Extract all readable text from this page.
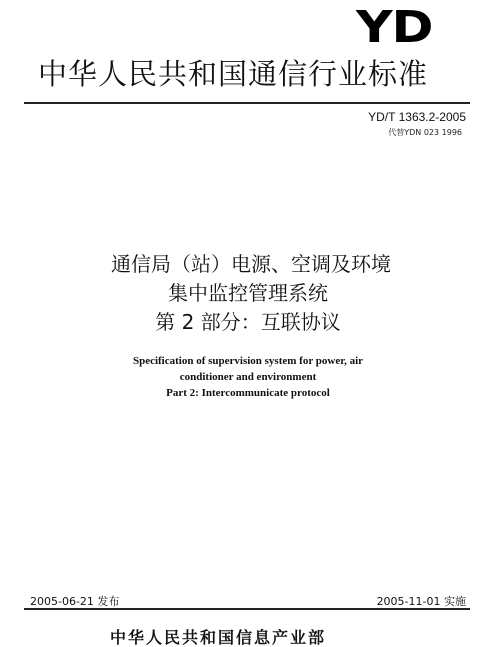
YD
中华人民共和国通信行业标准
YD/T 1363.2-2005
代替YDN 023 1996
通信局（站）电源、空调及环境
集中监控管理系统
第 2 部分：互联协议
Specification of supervision system for power, air
conditioner and environment
Part 2: Intercommunicate protocol
2005-06-21 发布	2005-11-01 实施
中华人民共和国信息产业部
